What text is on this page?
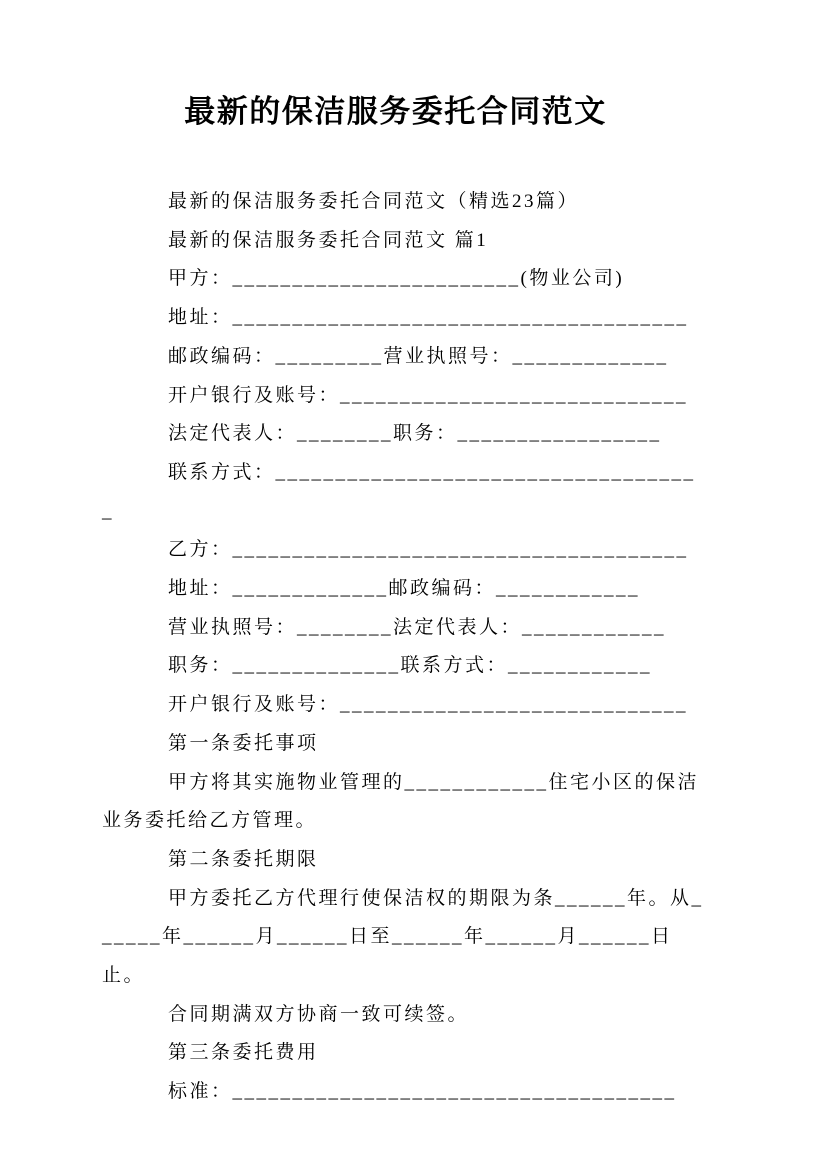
最新的保洁服务委托合同范文

最新的保洁服务委托合同范文（精选23篇）

最新的保洁服务委托合同范文 篇1

甲方：________________________(物业公司)

地址：______________________________________

邮政编码：_________营业执照号：_____________

开户银行及账号：_____________________________

法定代表人：________职务：_________________

联系方式：____________________________________

乙方：______________________________________

地址：_____________邮政编码：____________

营业执照号：________法定代表人：____________

职务：______________联系方式：____________

开户银行及账号：_____________________________

第一条委托事项

甲方将其实施物业管理的____________住宅小区的保洁业务委托给乙方管理。

第二条委托期限

甲方委托乙方代理行使保洁权的期限为条______年。从______年______月______日至______年______月______日止。

合同期满双方协商一致可续签。

第三条委托费用

标准：_____________________________________
